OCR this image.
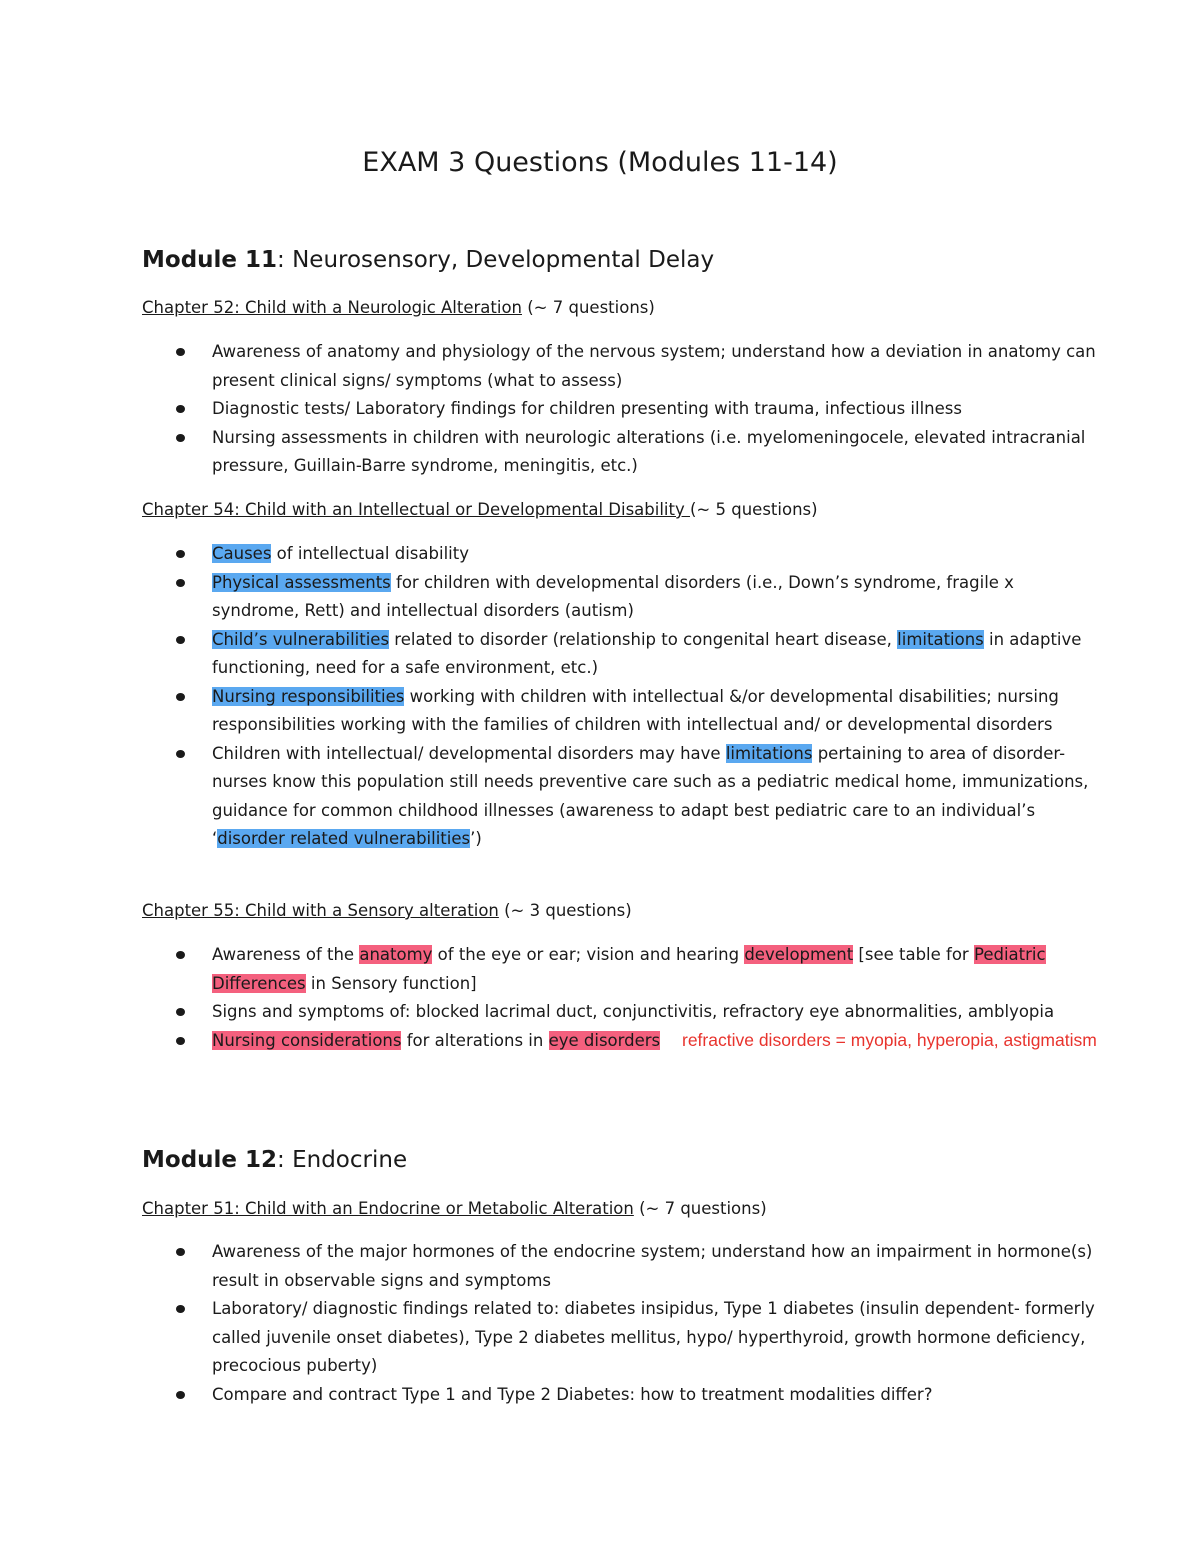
EXAM 3 Questions (Modules 11-14)
Module 11: Neurosensory, Developmental Delay

Chapter 52: Child with a Neurologic Alteration (~ 7 questions)

Awareness of anatomy and physiology of the nervous system; understand how a deviation in anatomy can present clinical signs/ symptoms (what to assess)
Diagnostic tests/ Laboratory findings for children presenting with trauma, infectious illness
Nursing assessments in children with neurologic alterations (i.e. myelomeningocele, elevated intracranial pressure, Guillain-Barre syndrome, meningitis, etc.)

Chapter 54: Child with an Intellectual or Developmental Disability (~ 5 questions)

Causes of intellectual disability
Physical assessments for children with developmental disorders (i.e., Down’s syndrome, fragile x syndrome, Rett) and intellectual disorders (autism)
Child’s vulnerabilities related to disorder (relationship to congenital heart disease, limitations in adaptive functioning, need for a safe environment, etc.)
Nursing responsibilities working with children with intellectual &/or developmental disabilities; nursing responsibilities working with the families of children with intellectual and/ or developmental disorders
Children with intellectual/ developmental disorders may have limitations pertaining to area of disorder- nurses know this population still needs preventive care such as a pediatric medical home, immunizations, guidance for common childhood illnesses (awareness to adapt best pediatric care to an individual’s ‘disorder related vulnerabilities’)

Chapter 55: Child with a Sensory alteration (~ 3 questions)

Awareness of the anatomy of the eye or ear; vision and hearing development [see table for Pediatric Differences in Sensory function]
Signs and symptoms of: blocked lacrimal duct, conjunctivitis, refractory eye abnormalities, amblyopia
Nursing considerations for alterations in eye disorders	refractive disorders = myopia, hyperopia, astigmatism
Module 12: Endocrine

Chapter 51: Child with an Endocrine or Metabolic Alteration (~ 7 questions)

Awareness of the major hormones of the endocrine system; understand how an impairment in hormone(s) result in observable signs and symptoms
Laboratory/ diagnostic findings related to: diabetes insipidus, Type 1 diabetes (insulin dependent- formerly called juvenile onset diabetes), Type 2 diabetes mellitus, hypo/ hyperthyroid, growth hormone deficiency, precocious puberty)
Compare and contract Type 1 and Type 2 Diabetes: how to treatment modalities differ?
